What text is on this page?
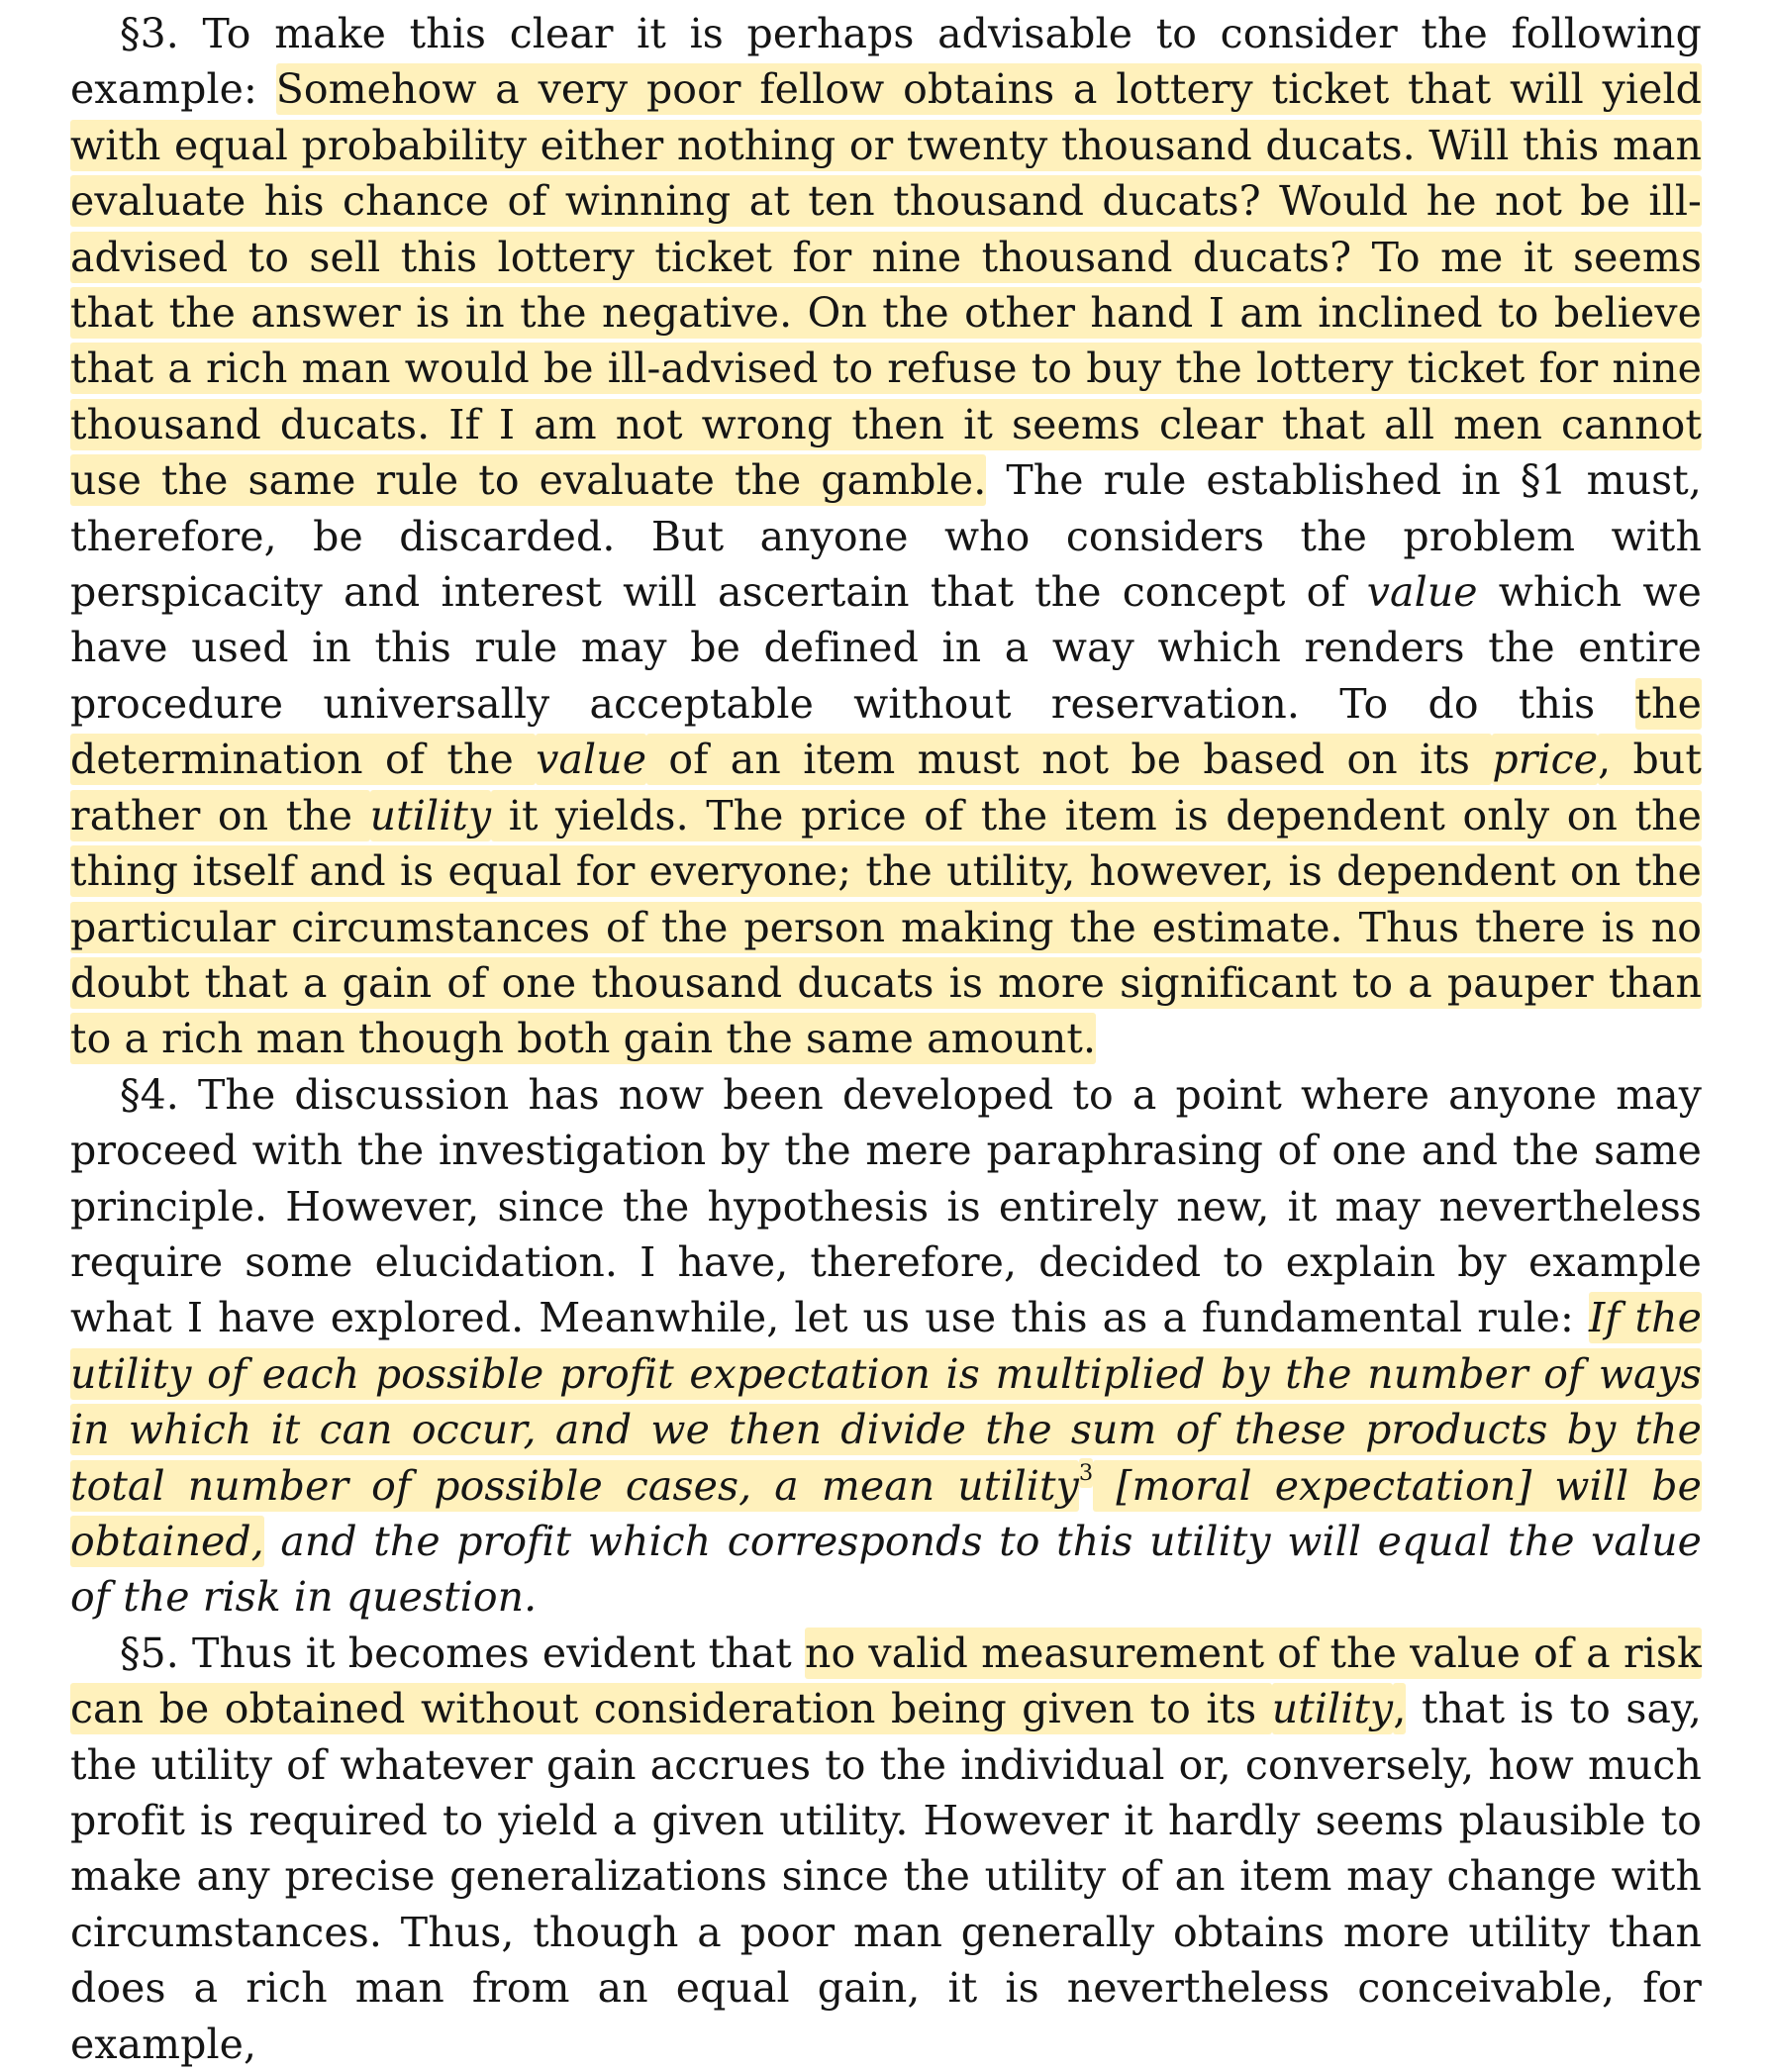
§3. To make this clear it is perhaps advisable to consider the following example: Somehow a very poor fellow obtains a lottery ticket that will yield with equal probability either nothing or twenty thousand ducats. Will this man evaluate his chance of winning at ten thousand ducats? Would he not be ill-advised to sell this lottery ticket for nine thousand ducats? To me it seems that the answer is in the negative. On the other hand I am inclined to believe that a rich man would be ill-advised to refuse to buy the lottery ticket for nine thousand ducats. If I am not wrong then it seems clear that all men cannot use the same rule to evaluate the gamble. The rule established in §1 must, therefore, be discarded. But anyone who considers the problem with perspicacity and interest will ascertain that the concept of value which we have used in this rule may be defined in a way which renders the entire procedure universally acceptable without reservation. To do this the determination of the value of an item must not be based on its price, but rather on the utility it yields. The price of the item is dependent only on the thing itself and is equal for everyone; the utility, however, is dependent on the particular circumstances of the person making the estimate. Thus there is no doubt that a gain of one thousand ducats is more significant to a pauper than to a rich man though both gain the same amount.

§4. The discussion has now been developed to a point where anyone may proceed with the investigation by the mere paraphrasing of one and the same principle. However, since the hypothesis is entirely new, it may nevertheless require some elucidation. I have, therefore, decided to explain by example what I have explored. Meanwhile, let us use this as a fundamental rule: If the utility of each possible profit expectation is multiplied by the number of ways in which it can occur, and we then divide the sum of these products by the total number of possible cases, a mean utility$^3$ [moral expectation] will be obtained, and the profit which corresponds to this utility will equal the value of the risk in question.

§5. Thus it becomes evident that no valid measurement of the value of a risk can be obtained without consideration being given to its utility, that is to say, the utility of whatever gain accrues to the individual or, conversely, how much profit is required to yield a given utility. However it hardly seems plausible to make any precise generalizations since the utility of an item may change with circumstances. Thus, though a poor man generally obtains more utility than does a rich man from an equal gain, it is nevertheless conceivable, for example,
